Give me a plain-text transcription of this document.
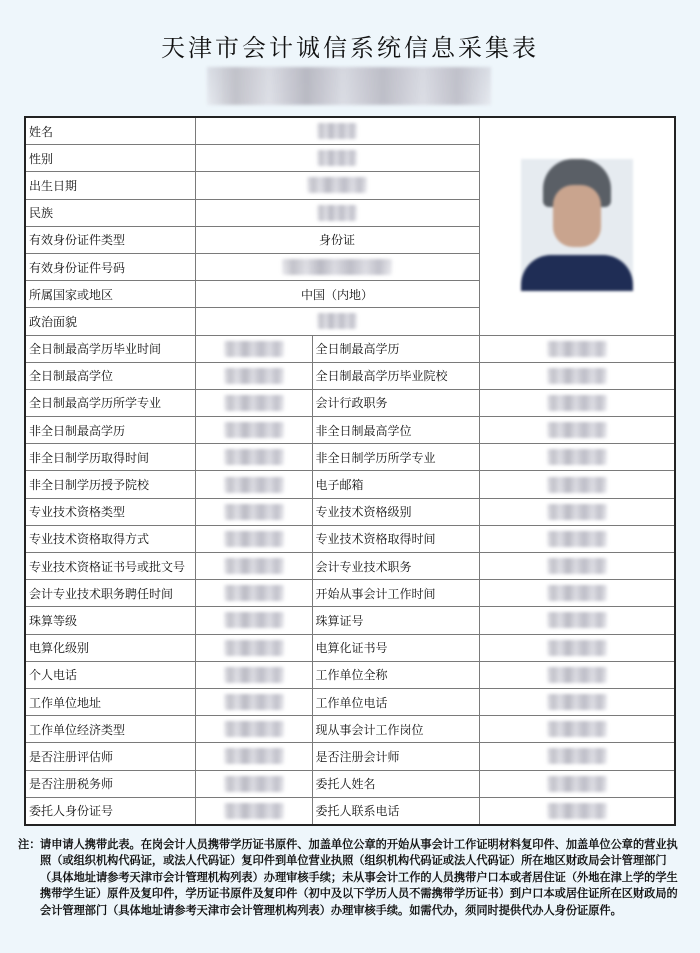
天津市会计诚信系统信息采集表
姓名		

性别			

出生日期			

民族			

有效身份证件类型	身份证		
有效身份证件号码			

所属国家或地区	中国（内地）		
政治面貌			

全日制最高学历毕业时间		全日制最高学历	

全日制最高学位		全日制最高学历毕业院校	

全日制最高学历所学专业		会计行政职务	

非全日制最高学历		非全日制最高学位	

非全日制学历取得时间		非全日制学历所学专业	

非全日制学历授予院校		电子邮箱	

专业技术资格类型		专业技术资格级别	

专业技术资格取得方式		专业技术资格取得时间	

专业技术资格证书号或批文号		会计专业技术职务	

会计专业技术职务聘任时间		开始从事会计工作时间	

珠算等级		珠算证号	

电算化级别		电算化证书号	

个人电话		工作单位全称	

工作单位地址		工作单位电话	

工作单位经济类型		现从事会计工作岗位	

是否注册评估师		是否注册会计师	

是否注册税务师		委托人姓名	

委托人身份证号		委托人联系电话	
注： 请申请人携带此表。在岗会计人员携带学历证书原件、加盖单位公章的开始从事会计工作证明材料复印件、加盖单位公章的营业执照（或组织机构代码证，或法人代码证）复印件到单位营业执照（组织机构代码证或法人代码证）所在地区财政局会计管理部门（具体地址请参考天津市会计管理机构列表）办理审核手续；未从事会计工作的人员携带户口本或者居住证（外地在津上学的学生携带学生证）原件及复印件，学历证书原件及复印件（初中及以下学历人员不需携带学历证书）到户口本或居住证所在区财政局的会计管理部门（具体地址请参考天津市会计管理机构列表）办理审核手续。如需代办，须同时提供代办人身份证原件。
